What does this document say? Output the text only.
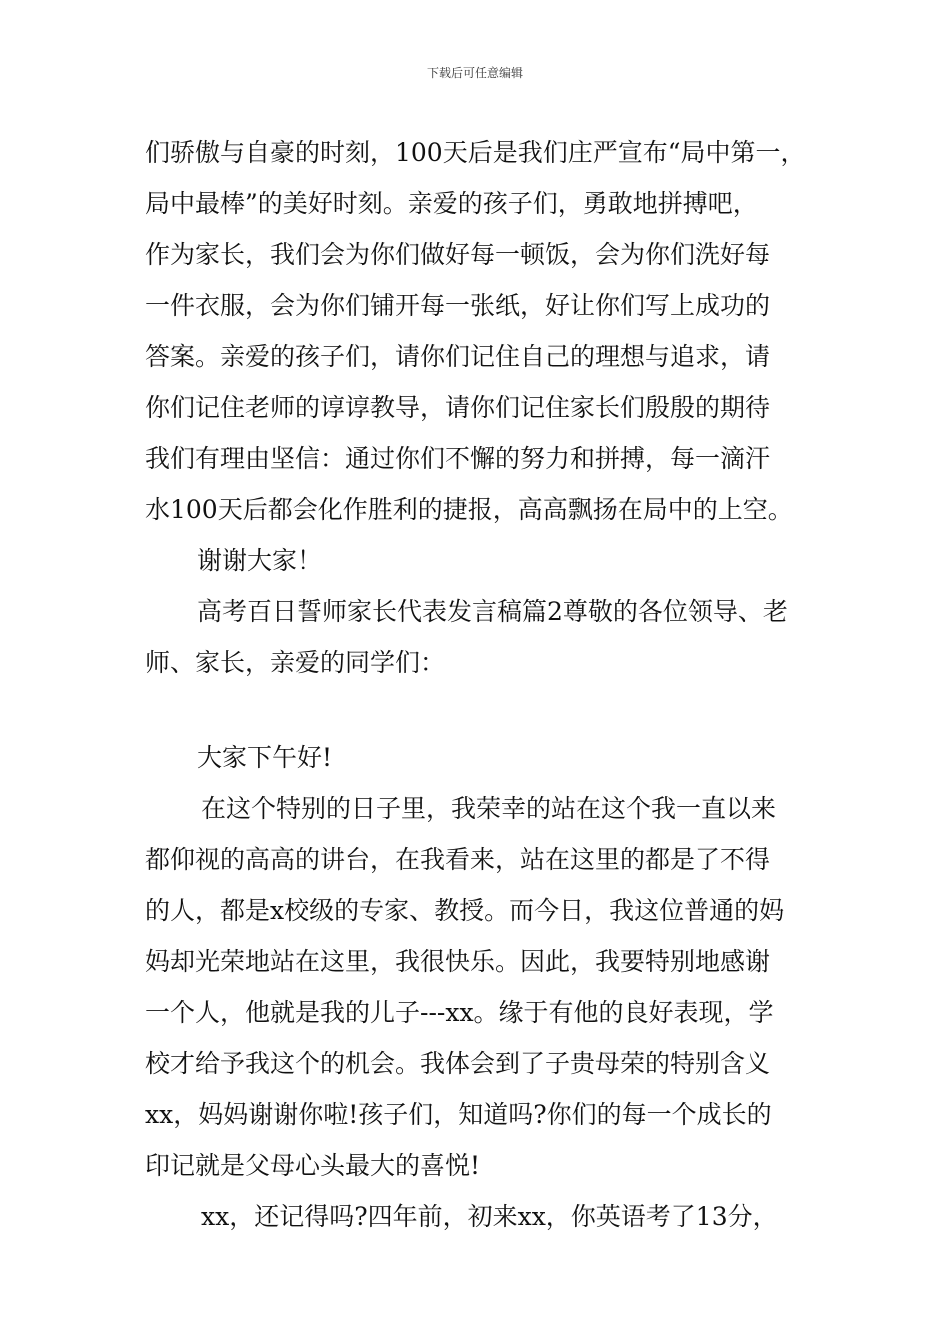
下载后可任意编辑
们骄傲与自豪的时刻，100天后是我们庄严宣布“局中第一，
局中最棒”的美好时刻。亲爱的孩子们，勇敢地拼搏吧，
作为家长，我们会为你们做好每一顿饭，会为你们洗好每
一件衣服，会为你们铺开每一张纸，好让你们写上成功的
答案。亲爱的孩子们，请你们记住自己的理想与追求，请
你们记住老师的谆谆教导，请你们记住家长们殷殷的期待
我们有理由坚信：通过你们不懈的努力和拼搏，每一滴汗
水100天后都会化作胜利的捷报，高高飘扬在局中的上空。
谢谢大家！
高考百日誓师家长代表发言稿篇2尊敬的各位领导、老
师、家长，亲爱的同学们：
大家下午好!
在这个特别的日子里，我荣幸的站在这个我一直以来
都仰视的高高的讲台，在我看来，站在这里的都是了不得
的人，都是x校级的专家、教授。而今日，我这位普通的妈
妈却光荣地站在这里，我很快乐。因此，我要特别地感谢
一个人，他就是我的儿子---xx。缘于有他的良好表现，学
校才给予我这个的机会。我体会到了子贵母荣的特别含义
xx，妈妈谢谢你啦!孩子们，知道吗?你们的每一个成长的
印记就是父母心头最大的喜悦!
xx，还记得吗?四年前，初来xx，你英语考了13分，
